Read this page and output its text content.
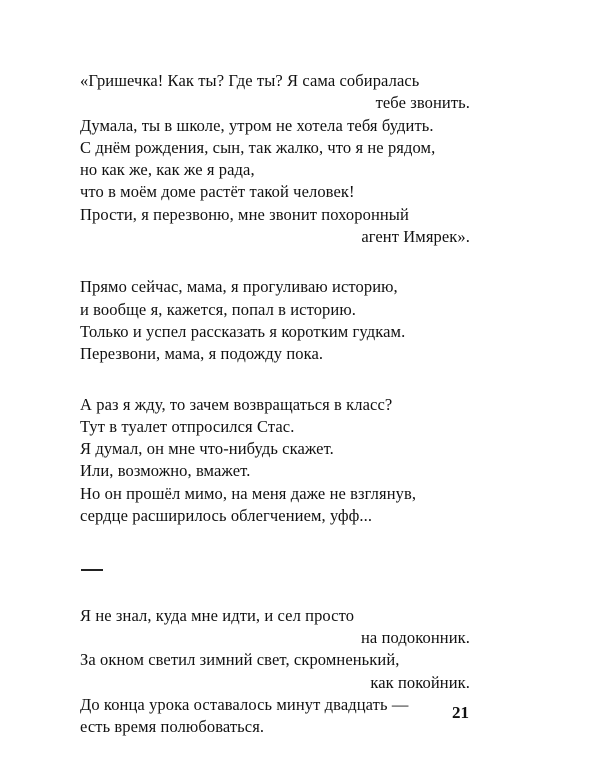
«Гришечка! Как ты? Где ты? Я сама собиралась
тебе звонить.
Думала, ты в школе, утром не хотела тебя будить.
С днём рождения, сын, так жалко, что я не рядом,
но как же, как же я рада,
что в моём доме растёт такой человек!
Прости, я перезвоню, мне звонит похоронный
агент Имярек».
Прямо сейчас, мама, я прогуливаю историю,
и вообще я, кажется, попал в историю.
Только и успел рассказать я коротким гудкам.
Перезвони, мама, я подожду пока.
А раз я жду, то зачем возвращаться в класс?
Тут в туалет отпросился Стас.
Я думал, он мне что-нибудь скажет.
Или, возможно, вмажет.
Но он прошёл мимо, на меня даже не взглянув,
сердце расширилось облегчением, уфф...
Я не знал, куда мне идти, и сел просто
на подоконник.
За окном светил зимний свет, скромненький,
как покойник.
До конца урока оставалось минут двадцать —
есть время полюбоваться.
21
